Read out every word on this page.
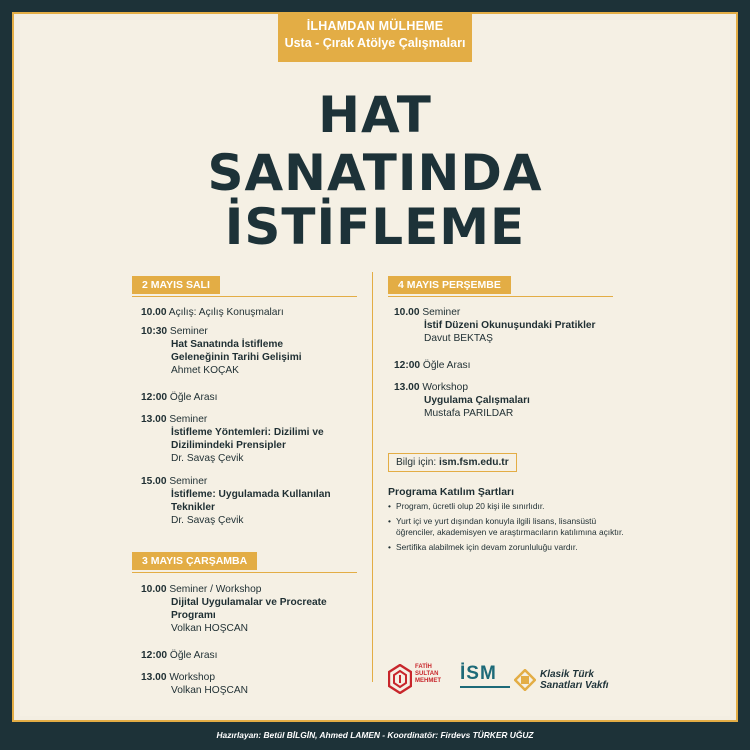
İLHAMDAN MÜLHEME
Usta - Çırak Atölye Çalışmaları
HAT
SANATINDA
İSTİFLEME
2 MAYIS SALI
10.00 Açılış: Açılış Konuşmaları
10:30 Seminer
Hat Sanatında İstifleme
Geleneğinin Tarihi Gelişimi
Ahmet KOÇAK
12:00 Öğle Arası
13.00 Seminer
İstifleme Yöntemleri: Dizilimi ve
Dizilimindeki Prensipler
Dr. Savaş Çevik
15.00 Seminer
İstifleme: Uygulamada Kullanılan
Teknikler
Dr. Savaş Çevik
3 MAYIS ÇARŞAMBA
10.00 Seminer / Workshop
Dijital Uygulamalar ve Procreate
Programı
Volkan HOŞCAN
12:00 Öğle Arası
13.00 Workshop
Volkan HOŞCAN
4 MAYIS PERŞEMBE
10.00 Seminer
İstif Düzeni Okunuşundaki Pratikler
Davut BEKTAŞ
12:00 Öğle Arası
13.00 Workshop
Uygulama Çalışmaları
Mustafa PARILDAR
Bilgi için: ism.fsm.edu.tr
Programa Katılım Şartları
• Program, ücretli olup 20 kişi ile sınırlıdır.
• Yurt içi ve yurt dışından konuyla ilgili lisans, lisansüstü öğrenciler, akademisyen ve araştırmacıların katılımına açıktır.
• Sertifika alabilmek için devam zorunluluğu vardır.
FATİH
SULTAN
MEHMET İSM	Klasik Türk
Sanatları Vakfı
Hazırlayan: Betül BİLGİN, Ahmed LAMEN - Koordinatör: Firdevs TÜRKER UĞUZ
